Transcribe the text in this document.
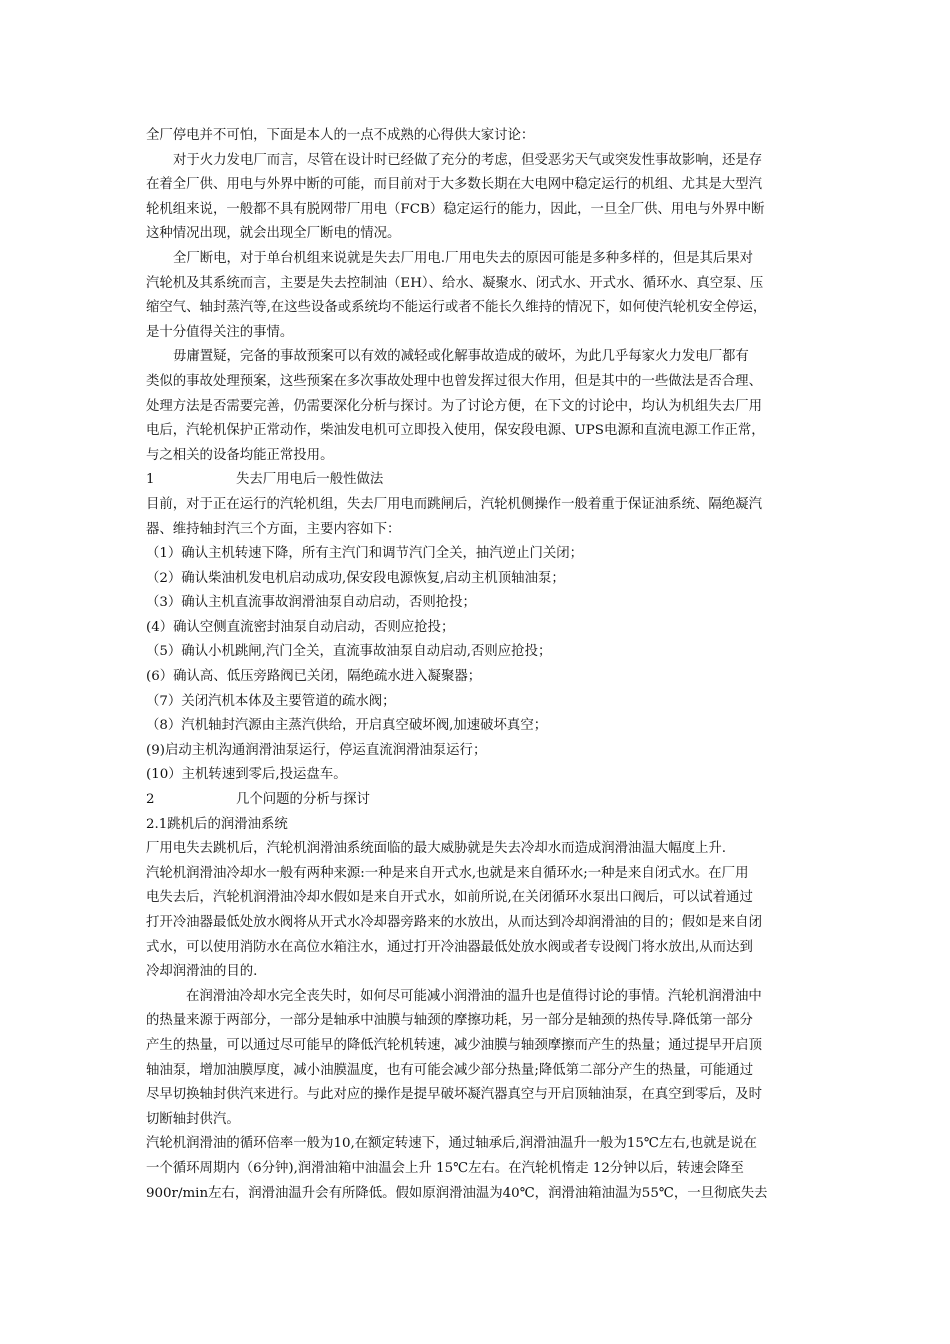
全厂停电并不可怕，下面是本人的一点不成熟的心得供大家讨论：
对于火力发电厂而言，尽管在设计时已经做了充分的考虑，但受恶劣天气或突发性事故影响，还是存
在着全厂供、用电与外界中断的可能，而目前对于大多数长期在大电网中稳定运行的机组、尤其是大型汽
轮机组来说，一般都不具有脱网带厂用电（FCB）稳定运行的能力，因此，一旦全厂供、用电与外界中断
这种情况出现，就会出现全厂断电的情况。
全厂断电，对于单台机组来说就是失去厂用电.厂用电失去的原因可能是多种多样的，但是其后果对
汽轮机及其系统而言，主要是失去控制油（EH）、给水、凝聚水、闭式水、开式水、循环水、真空泵、压
缩空气、轴封蒸汽等,在这些设备或系统均不能运行或者不能长久维持的情况下，如何使汽轮机安全停运，
是十分值得关注的事情。
毋庸置疑，完备的事故预案可以有效的减轻或化解事故造成的破坏，为此几乎每家火力发电厂都有
类似的事故处理预案，这些预案在多次事故处理中也曾发挥过很大作用，但是其中的一些做法是否合理、
处理方法是否需要完善，仍需要深化分析与探讨。为了讨论方便，在下文的讨论中，均认为机组失去厂用
电后，汽轮机保护正常动作，柴油发电机可立即投入使用，保安段电源、UPS电源和直流电源工作正常，
与之相关的设备均能正常投用。
1	失去厂用电后一般性做法
目前，对于正在运行的汽轮机组，失去厂用电而跳闸后，汽轮机侧操作一般着重于保证油系统、隔绝凝汽
器、维持轴封汽三个方面，主要内容如下：
（1）确认主机转速下降，所有主汽门和调节汽门全关，抽汽逆止门关闭；
（2）确认柴油机发电机启动成功,保安段电源恢复,启动主机顶轴油泵；
（3）确认主机直流事故润滑油泵自动启动，否则抢投；
(4）确认空侧直流密封油泵自动启动，否则应抢投；
（5）确认小机跳闸,汽门全关，直流事故油泵自动启动,否则应抢投；
(6）确认高、低压旁路阀已关闭，隔绝疏水进入凝聚器；
（7）关闭汽机本体及主要管道的疏水阀；
（8）汽机轴封汽源由主蒸汽供给，开启真空破坏阀,加速破坏真空；
(9)启动主机沟通润滑油泵运行，停运直流润滑油泵运行；
(10）主机转速到零后,投运盘车。
2	几个问题的分析与探讨
2.1跳机后的润滑油系统
厂用电失去跳机后，汽轮机润滑油系统面临的最大威胁就是失去冷却水而造成润滑油温大幅度上升.
汽轮机润滑油冷却水一般有两种来源:一种是来自开式水,也就是来自循环水;一种是来自闭式水。在厂用
电失去后，汽轮机润滑油冷却水假如是来自开式水，如前所说,在关闭循环水泵出口阀后，可以试着通过
打开冷油器最低处放水阀将从开式水冷却器旁路来的水放出，从而达到冷却润滑油的目的；假如是来自闭
式水，可以使用消防水在高位水箱注水，通过打开冷油器最低处放水阀或者专设阀门将水放出,从而达到
冷却润滑油的目的.
在润滑油冷却水完全丧失时，如何尽可能减小润滑油的温升也是值得讨论的事情。汽轮机润滑油中
的热量来源于两部分，一部分是轴承中油膜与轴颈的摩擦功耗，另一部分是轴颈的热传导.降低第一部分
产生的热量，可以通过尽可能早的降低汽轮机转速，减少油膜与轴颈摩擦而产生的热量；通过提早开启顶
轴油泵，增加油膜厚度，减小油膜温度，也有可能会减少部分热量;降低第二部分产生的热量，可能通过
尽早切换轴封供汽来进行。与此对应的操作是提早破坏凝汽器真空与开启顶轴油泵，在真空到零后，及时
切断轴封供汽。
汽轮机润滑油的循环倍率一般为10,在额定转速下，通过轴承后,润滑油温升一般为15℃左右,也就是说在
一个循环周期内（6分钟),润滑油箱中油温会上升 15℃左右。在汽轮机惰走 12分钟以后，转速会降至
900r/min左右，润滑油温升会有所降低。假如原润滑油温为40℃，润滑油箱油温为55℃，一旦彻底失去
